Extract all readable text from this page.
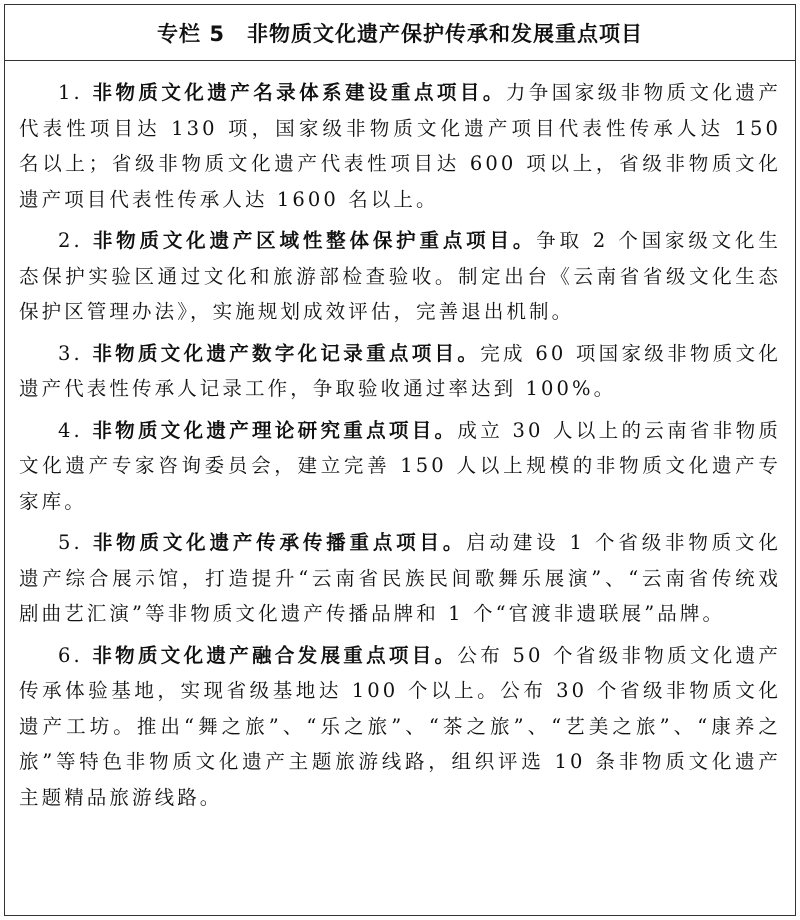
专栏 5 非物质文化遗产保护传承和发展重点项目

1. 非物质文化遗产名录体系建设重点项目。力争国家级非物质文化遗产代表性项目达 130 项，国家级非物质文化遗产项目代表性传承人达 150 名以上；省级非物质文化遗产代表性项目达 600 项以上，省级非物质文化遗产项目代表性传承人达 1600 名以上。

2. 非物质文化遗产区域性整体保护重点项目。争取 2 个国家级文化生态保护实验区通过文化和旅游部检查验收。制定出台《云南省省级文化生态保护区管理办法》，实施规划成效评估，完善退出机制。

3. 非物质文化遗产数字化记录重点项目。完成 60 项国家级非物质文化遗产代表性传承人记录工作，争取验收通过率达到 100%。

4. 非物质文化遗产理论研究重点项目。成立 30 人以上的云南省非物质文化遗产专家咨询委员会，建立完善 150 人以上规模的非物质文化遗产专家库。

5. 非物质文化遗产传承传播重点项目。启动建设 1 个省级非物质文化遗产综合展示馆，打造提升“云南省民族民间歌舞乐展演”、“云南省传统戏剧曲艺汇演”等非物质文化遗产传播品牌和 1 个“官渡非遗联展”品牌。

6. 非物质文化遗产融合发展重点项目。公布 50 个省级非物质文化遗产传承体验基地，实现省级基地达 100 个以上。公布 30 个省级非物质文化遗产工坊。推出“舞之旅”、“乐之旅”、“茶之旅”、“艺美之旅”、“康养之旅”等特色非物质文化遗产主题旅游线路，组织评选 10 条非物质文化遗产主题精品旅游线路。
